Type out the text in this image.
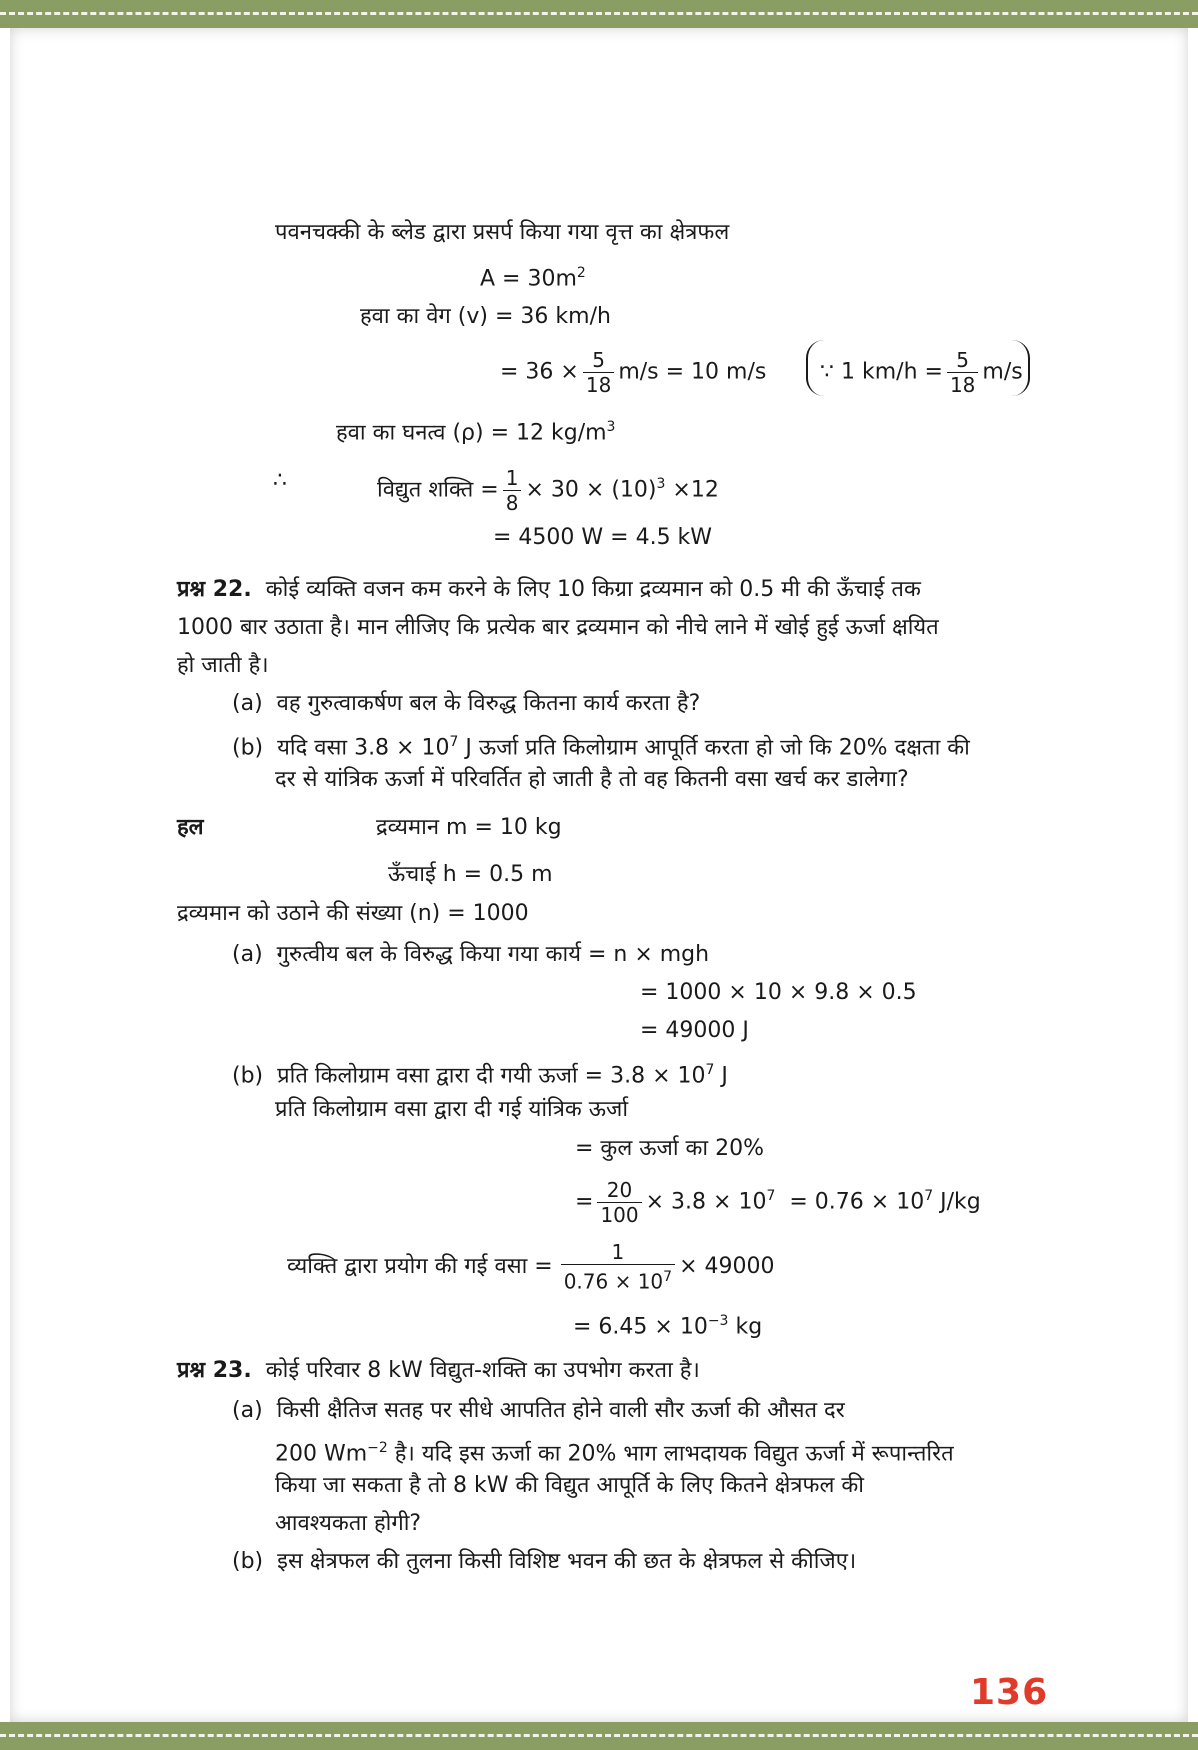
पवनचक्की के ब्लेड द्वारा प्रसर्प किया गया वृत्त का क्षेत्रफल
$A = 30m^2$
हवा का वेग (v) = 36 km/h
= $36 \times \frac{5}{18} m/s = 10$ m/s ∵ 1 $km/h = \frac{5}{18} m/s$
हवा का घनत्व (ρ) = 12 $kg/m^3$
∴	विद्युत शक्ति = $\frac{1}{8} \times 30 \times (10)^3 \times 12$
= 4500 W = 4.5 kW
प्रश्न 22. कोई व्यक्ति वजन कम करने के लिए 10 किग्रा द्रव्यमान को 0.5 मी की ऊँचाई तक
1000 बार उठाता है। मान लीजिए कि प्रत्येक बार द्रव्यमान को नीचे लाने में खोई हुई ऊर्जा क्षयित
हो जाती है।
(a) वह गुरुत्वाकर्षण बल के विरुद्ध कितना कार्य करता है?
(b) यदि वसा $3.8 \times 10^7$ J ऊर्जा प्रति किलोग्राम आपूर्ति करता हो जो कि 20% दक्षता की
दर से यांत्रिक ऊर्जा में परिवर्तित हो जाती है तो वह कितनी वसा खर्च कर डालेगा?
हल	द्रव्यमान m = 10 kg
ऊँचाई h = 0.5 m
द्रव्यमान को उठाने की संख्या (n) = 1000
(a) गुरुत्वीय बल के विरुद्ध किया गया कार्य = n × mgh
= 1000 × 10 × 9.8 × 0.5
= 49000 J
(b) प्रति किलोग्राम वसा द्वारा दी गयी ऊर्जा = $3.8 \times 10^7$ J
प्रति किलोग्राम वसा द्वारा दी गई यांत्रिक ऊर्जा
= कुल ऊर्जा का 20%
= $\frac{20}{100} \times 3.8 \times 10^7 = 0.76 \times 10^7$ J/kg
व्यक्ति द्वारा प्रयोग की गई वसा = $\frac{1}{0.76 \times 10^7} \times 49000$
= $6.45 \times 10^{-3}$ kg
प्रश्न 23. कोई परिवार 8 kW विद्युत-शक्ति का उपभोग करता है।
(a) किसी क्षैतिज सतह पर सीधे आपतित होने वाली सौर ऊर्जा की औसत दर
200 $Wm^{-2}$ है। यदि इस ऊर्जा का 20% भाग लाभदायक विद्युत ऊर्जा में रूपान्तरित
किया जा सकता है तो 8 kW की विद्युत आपूर्ति के लिए कितने क्षेत्रफल की
आवश्यकता होगी?
(b) इस क्षेत्रफल की तुलना किसी विशिष्ट भवन की छत के क्षेत्रफल से कीजिए।
136
